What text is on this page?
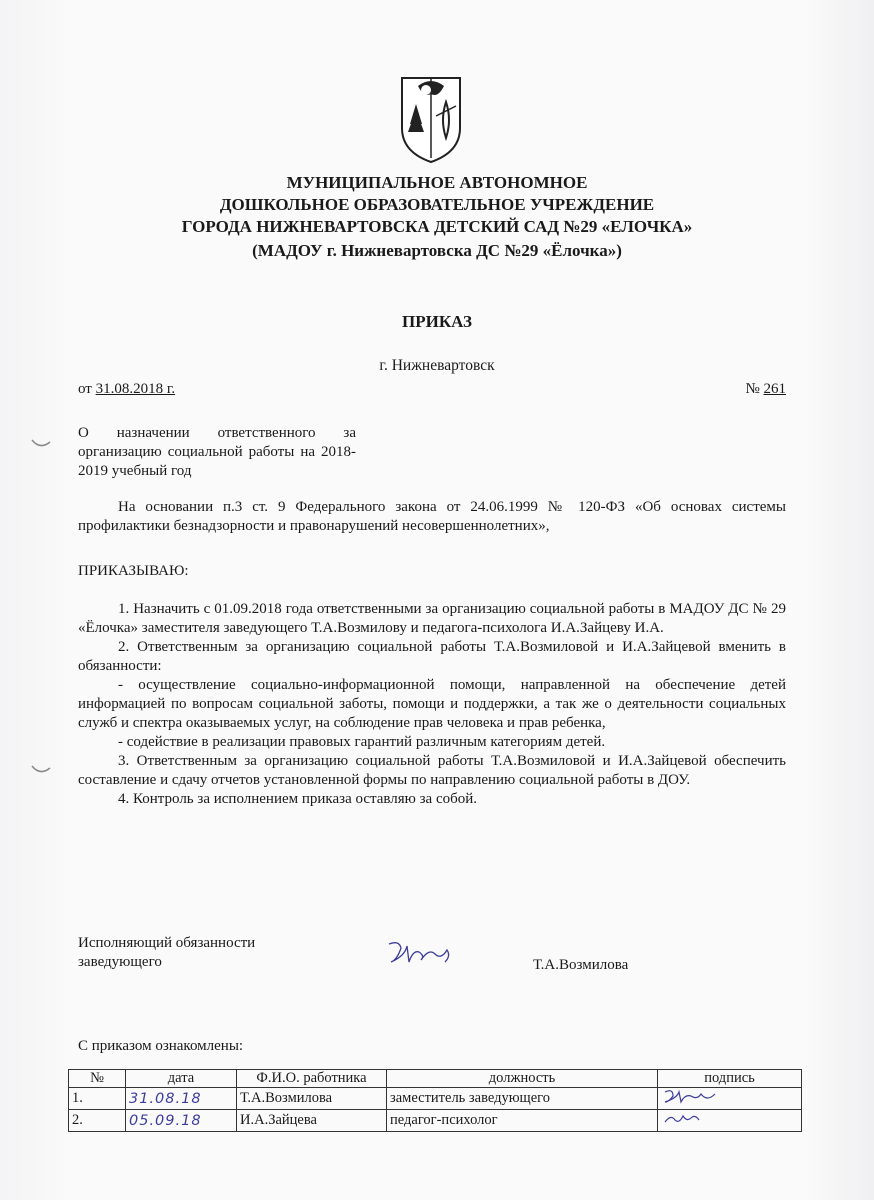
МУНИЦИПАЛЬНОЕ АВТОНОМНОЕ
ДОШКОЛЬНОЕ ОБРАЗОВАТЕЛЬНОЕ УЧРЕЖДЕНИЕ
ГОРОДА НИЖНЕВАРТОВСКА ДЕТСКИЙ САД №29 «ЕЛОЧКА»
(МАДОУ г. Нижневартовска ДС №29 «Ёлочка»)
ПРИКАЗ
г. Нижневартовск
от 31.08.2018 г.	№ 261
О назначении ответственного за организацию социальной работы на 2018-2019 учебный год
На основании п.3 ст. 9 Федерального закона от 24.06.1999 № 120-ФЗ «Об основах системы профилактики безнадзорности и правонарушений несовершеннолетних»,
ПРИКАЗЫВАЮ:
1. Назначить с 01.09.2018 года ответственными за организацию социальной работы в МАДОУ ДС № 29 «Ёлочка» заместителя заведующего Т.А.Возмилову и педагога-психолога И.А.Зайцеву И.А.
2. Ответственным за организацию социальной работы Т.А.Возмиловой и И.А.Зайцевой вменить в обязанности:
- осуществление социально-информационной помощи, направленной на обеспечение детей информацией по вопросам социальной заботы, помощи и поддержки, а так же о деятельности социальных служб и спектра оказываемых услуг, на соблюдение прав человека и прав ребенка,
- содействие в реализации правовых гарантий различным категориям детей.
3. Ответственным за организацию социальной работы Т.А.Возмиловой и И.А.Зайцевой обеспечить составление и сдачу отчетов установленной формы по направлению социальной работы в ДОУ.
4. Контроль за исполнением приказа оставляю за собой.
Исполняющий обязанности
заведующего	Т.А.Возмилова
С приказом ознакомлены:
№	дата	Ф.И.О. работника	должность	подпись
1.	31.08.18	Т.А.Возмилова	заместитель заведующего	
2.	05.09.18	И.А.Зайцева	педагог-психолог	
